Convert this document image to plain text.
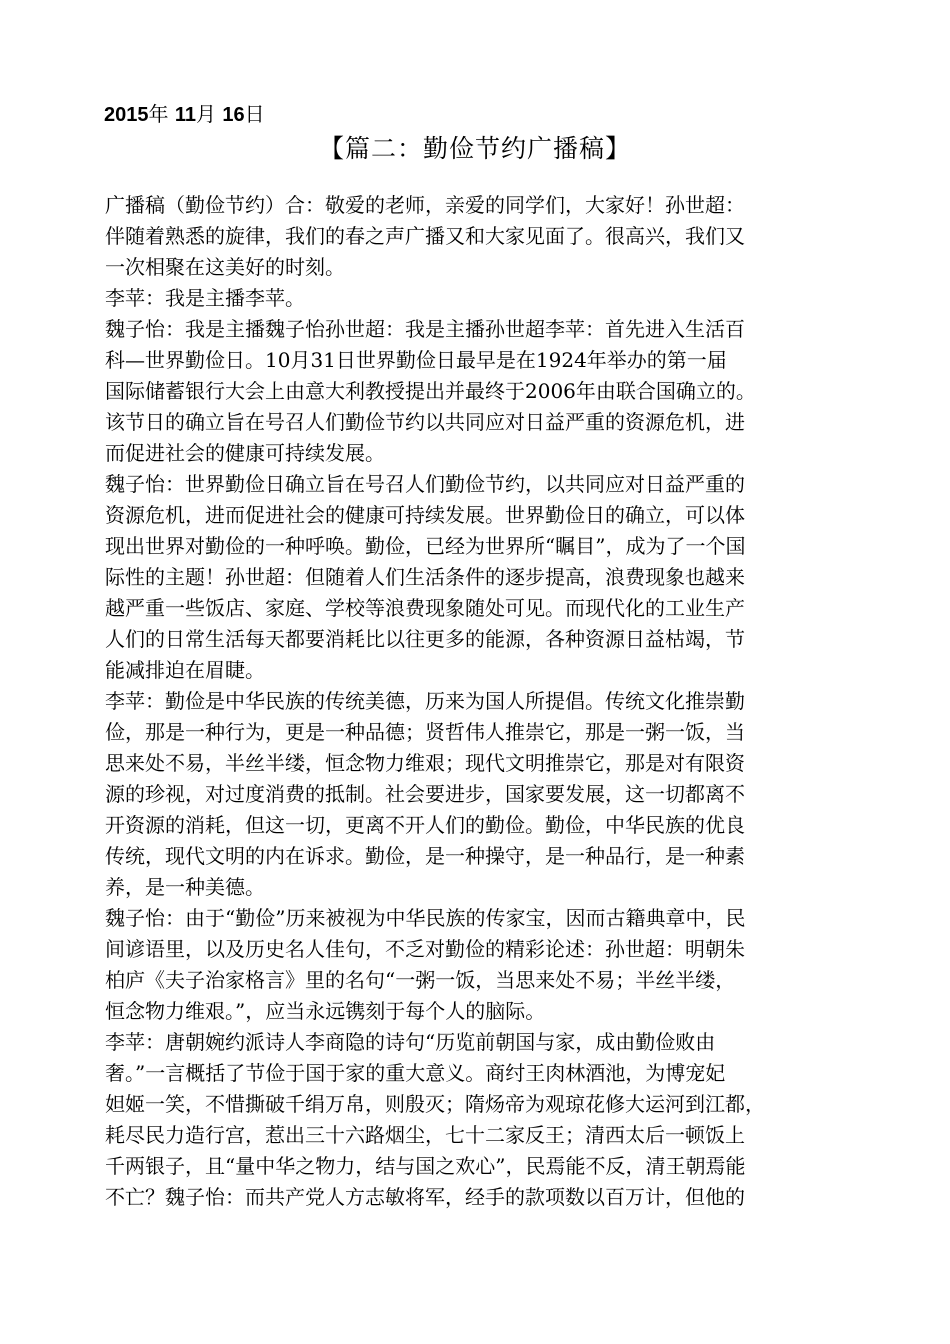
2015年 11月 16日
【篇二：勤俭节约广播稿】
广播稿（勤俭节约）合：敬爱的老师，亲爱的同学们，大家好！孙世超：
伴随着熟悉的旋律，我们的春之声广播又和大家见面了。很高兴，我们又
一次相聚在这美好的时刻。
李苹：我是主播李苹。
魏子怡：我是主播魏子怡孙世超：我是主播孙世超李苹：首先进入生活百
科—世界勤俭日。10月31日世界勤俭日最早是在1924年举办的第一届
国际储蓄银行大会上由意大利教授提出并最终于2006年由联合国确立的。
该节日的确立旨在号召人们勤俭节约以共同应对日益严重的资源危机，进
而促进社会的健康可持续发展。
魏子怡：世界勤俭日确立旨在号召人们勤俭节约，以共同应对日益严重的
资源危机，进而促进社会的健康可持续发展。世界勤俭日的确立，可以体
现出世界对勤俭的一种呼唤。勤俭，已经为世界所“瞩目”，成为了一个国
际性的主题！孙世超：但随着人们生活条件的逐步提高，浪费现象也越来
越严重一些饭店、家庭、学校等浪费现象随处可见。而现代化的工业生产
人们的日常生活每天都要消耗比以往更多的能源，各种资源日益枯竭，节
能减排迫在眉睫。
李苹：勤俭是中华民族的传统美德，历来为国人所提倡。传统文化推崇勤
俭，那是一种行为，更是一种品德；贤哲伟人推崇它，那是一粥一饭，当
思来处不易，半丝半缕，恒念物力维艰；现代文明推崇它，那是对有限资
源的珍视，对过度消费的抵制。社会要进步，国家要发展，这一切都离不
开资源的消耗，但这一切，更离不开人们的勤俭。勤俭，中华民族的优良
传统，现代文明的内在诉求。勤俭，是一种操守，是一种品行，是一种素
养，是一种美德。
魏子怡：由于“勤俭”历来被视为中华民族的传家宝，因而古籍典章中，民
间谚语里，以及历史名人佳句，不乏对勤俭的精彩论述：孙世超：明朝朱
柏庐《夫子治家格言》里的名句“一粥一饭，当思来处不易；半丝半缕，
恒念物力维艰。”，应当永远镌刻于每个人的脑际。
李苹：唐朝婉约派诗人李商隐的诗句“历览前朝国与家，成由勤俭败由
奢。”一言概括了节俭于国于家的重大意义。商纣王肉林酒池，为博宠妃
妲姬一笑，不惜撕破千绢万帛，则殷灭；隋炀帝为观琼花修大运河到江都，
耗尽民力造行宫，惹出三十六路烟尘，七十二家反王；清西太后一顿饭上
千两银子，且“量中华之物力，结与国之欢心”，民焉能不反，清王朝焉能
不亡？魏子怡：而共产党人方志敏将军，经手的款项数以百万计，但他的
